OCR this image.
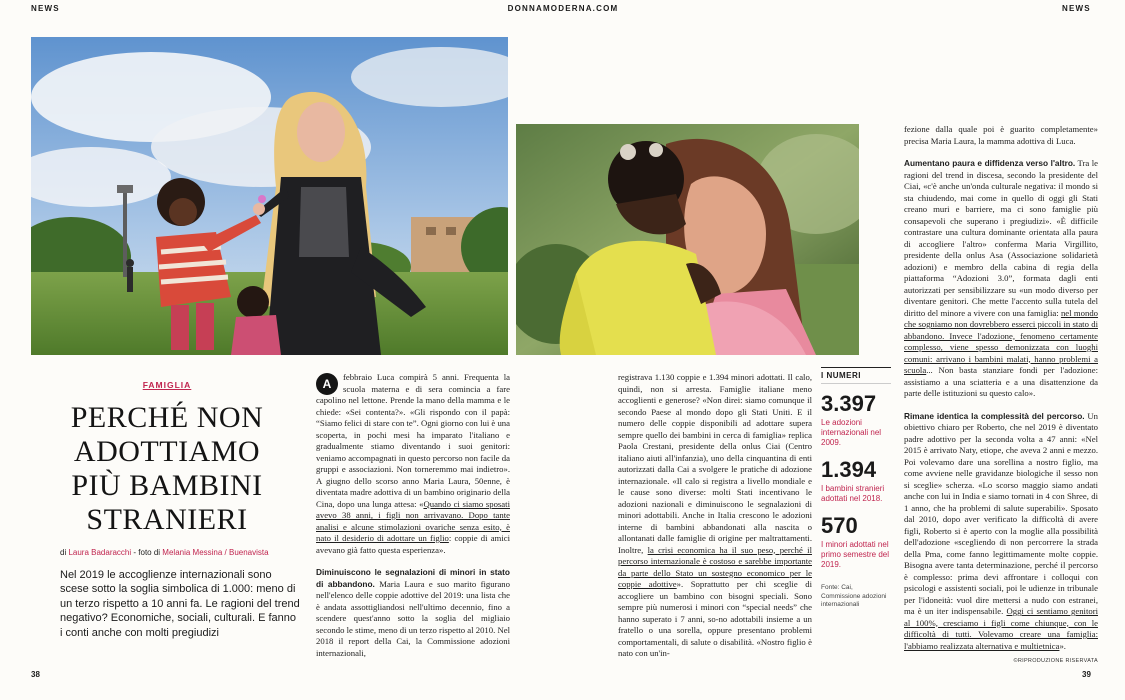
NEWS	DONNAMODERNA.COM	NEWS
FAMIGLIA
PERCHÉ NON
ADOTTIAMO
PIÙ BAMBINI
STRANIERI
di Laura Badaracchi - foto di Melania Messina / Buenavista
Nel 2019 le accoglienze internazionali sono scese sotto la soglia simbolica di 1.000: meno di un terzo rispetto a 10 anni fa. Le ragioni del trend negativo? Economiche, sociali, culturali. E fanno i conti anche con molti pregiudizi
A	febbraio Luca compirà 5 anni. Frequenta la scuola materna e di sera comincia a fare capolino nel lettone. Prende la mano della mamma e le chiede: «Sei contenta?». «Gli rispondo con il papà: “Siamo felici di stare con te”. Ogni giorno con lui è una scoperta, in pochi mesi ha imparato l'italiano e gradualmente stiamo diventando i suoi genitori: veniamo accompagnati in questo percorso non facile da gruppi e associazioni. Non torneremmo mai indietro». A giugno dello scorso anno Maria Laura, 50enne, è diventata madre adottiva di un bambino originario della Cina, dopo una lunga attesa: «Quando ci siamo sposati avevo 38 anni, i figli non arrivavano. Dopo tante analisi e alcune stimolazioni ovariche senza esito, è nato il desiderio di adottare un figlio: coppie di amici avevano già fatto questa esperienza».

Diminuiscono le segnalazioni di minori in stato di abbandono. Maria Laura e suo marito figurano nell'elenco delle coppie adottive del 2019: una lista che è andata assottigliandosi nell'ultimo decennio, fino a scendere quest'anno sotto la soglia del migliaio secondo le stime, meno di un terzo rispetto al 2010. Nel 2018 il report della Cai, la Commissione adozioni internazionali,

registrava 1.130 coppie e 1.394 minori adottati. Il calo, quindi, non si arresta. Famiglie italiane meno accoglienti e generose? «Non direi: siamo comunque il secondo Paese al mondo dopo gli Stati Uniti. E il numero delle coppie disponibili ad adottare supera sempre quello dei bambini in cerca di famiglia» replica Paola Crestani, presidente della onlus Ciai (Centro italiano aiuti all'infanzia), uno della cinquantina di enti autorizzati dalla Cai a svolgere le pratiche di adozione internazionale. «Il calo si registra a livello mondiale e le cause sono diverse: molti Stati incentivano le adozioni nazionali e diminuiscono le segnalazioni di minori adottabili. Anche in Italia crescono le adozioni interne di bambini abbandonati alla nascita o allontanati dalle famiglie di origine per maltrattamenti. Inoltre, la crisi economica ha il suo peso, perché il percorso internazionale è costoso e sarebbe importante da parte dello Stato un sostegno economico per le coppie adottive». Soprattutto per chi sceglie di accogliere un bambino con bisogni speciali. Sono sempre più numerosi i minori con “special needs” che hanno superato i 7 anni, so-no adottabili insieme a un fratello o una sorella, oppure presentano problemi comportamentali, di salute o disabilità. «Nostro figlio è nato con un'in-

I NUMERI
3.397
Le adozioni internazionali nel 2009.
1.394
I bambini stranieri adottati nel 2018.
570
I minori adottati nel primo semestre del 2019.
Fonte: Cai, Commissione adozioni internazionali

fezione dalla quale poi è guarito completamente» precisa Maria Laura, la mamma adottiva di Luca.

Aumentano paura e diffidenza verso l'altro. Tra le ragioni del trend in discesa, secondo la presidente del Ciai, «c'è anche un'onda culturale negativa: il mondo si sta chiudendo, mai come in quello di oggi gli Stati creano muri e barriere, ma ci sono famiglie più consapevoli che superano i pregiudizi». «È difficile contrastare una cultura dominante orientata alla paura di accogliere l'altro» conferma Maria Virgillito, presidente della onlus Asa (Associazione solidarietà adozioni) e membro della cabina di regia della piattaforma “Adozioni 3.0”, formata dagli enti autorizzati per sensibilizzare su «un modo diverso per diventare genitori. Che mette l'accento sulla tutela del diritto del minore a vivere con una famiglia: nel mondo che sogniamo non dovrebbero esserci piccoli in stato di abbandono. Invece l'adozione, fenomeno certamente complesso, viene spesso demonizzata con luoghi comuni: arrivano i bambini malati, hanno problemi a scuola... Non basta stanziare fondi per l'adozione: assistiamo a una sciatteria e a una disattenzione da parte delle istituzioni su questo calo».

Rimane identica la complessità del percorso. Un obiettivo chiaro per Roberto, che nel 2019 è diventato padre adottivo per la seconda volta a 47 anni: «Nel 2015 è arrivato Naty, etiope, che aveva 2 anni e mezzo. Poi volevamo dare una sorellina a nostro figlio, ma come avviene nelle gravidanze biologiche il sesso non si sceglie» scherza. «Lo scorso maggio siamo andati anche con lui in India e siamo tornati in 4 con Shree, di 1 anno, che ha problemi di salute superabili». Sposato dal 2010, dopo aver verificato la difficoltà di avere figli, Roberto si è aperto con la moglie alla possibilità dell'adozione «scegliendo di non percorrere la strada della Pma, come fanno legittimamente molte coppie. Bisogna avere tanta determinazione, perché il percorso è complesso: prima devi affrontare i colloqui con psicologi e assistenti sociali, poi le udienze in tribunale per l'idoneità: vuol dire mettersi a nudo con estranei, ma è un iter indispensabile. Oggi ci sentiamo genitori al 100%, cresciamo i figli come chiunque, con le difficoltà di tutti. Volevamo creare una famiglia: l'abbiamo realizzata alternativa e multietnica».

©RIPRODUZIONE RISERVATA
38	39
